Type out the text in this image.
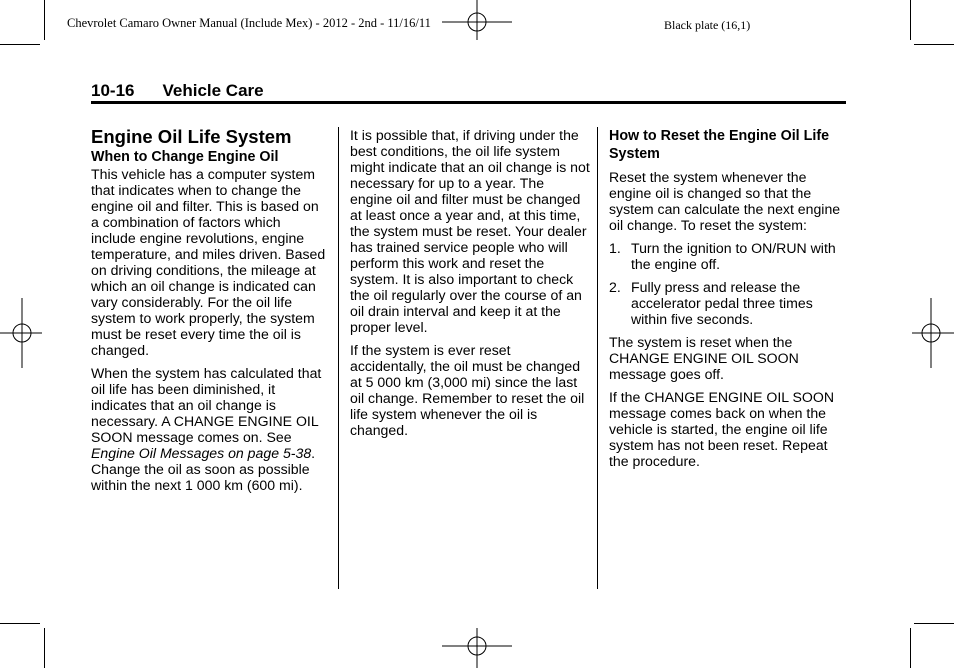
Chevrolet Camaro Owner Manual (Include Mex) - 2012 - 2nd - 11/16/11	Black plate (16,1)
10-16 Vehicle Care

Engine Oil Life System

When to Change Engine Oil

This vehicle has a computer system that indicates when to change the engine oil and filter. This is based on a combination of factors which include engine revolutions, engine temperature, and miles driven. Based on driving conditions, the mileage at which an oil change is indicated can vary considerably. For the oil life system to work properly, the system must be reset every time the oil is changed.

When the system has calculated that oil life has been diminished, it indicates that an oil change is necessary. A CHANGE ENGINE OIL SOON message comes on. See Engine Oil Messages on page 5-38. Change the oil as soon as possible within the next 1 000 km (600 mi).

It is possible that, if driving under the best conditions, the oil life system might indicate that an oil change is not necessary for up to a year. The engine oil and filter must be changed at least once a year and, at this time, the system must be reset. Your dealer has trained service people who will perform this work and reset the system. It is also important to check the oil regularly over the course of an oil drain interval and keep it at the proper level.

If the system is ever reset accidentally, the oil must be changed at 5 000 km (3,000 mi) since the last oil change. Remember to reset the oil life system whenever the oil is changed.

How to Reset the Engine Oil Life System

Reset the system whenever the engine oil is changed so that the system can calculate the next engine oil change. To reset the system:

1. Turn the ignition to ON/RUN with the engine off.
2. Fully press and release the accelerator pedal three times within five seconds.

The system is reset when the CHANGE ENGINE OIL SOON message goes off.

If the CHANGE ENGINE OIL SOON message comes back on when the vehicle is started, the engine oil life system has not been reset. Repeat the procedure.
